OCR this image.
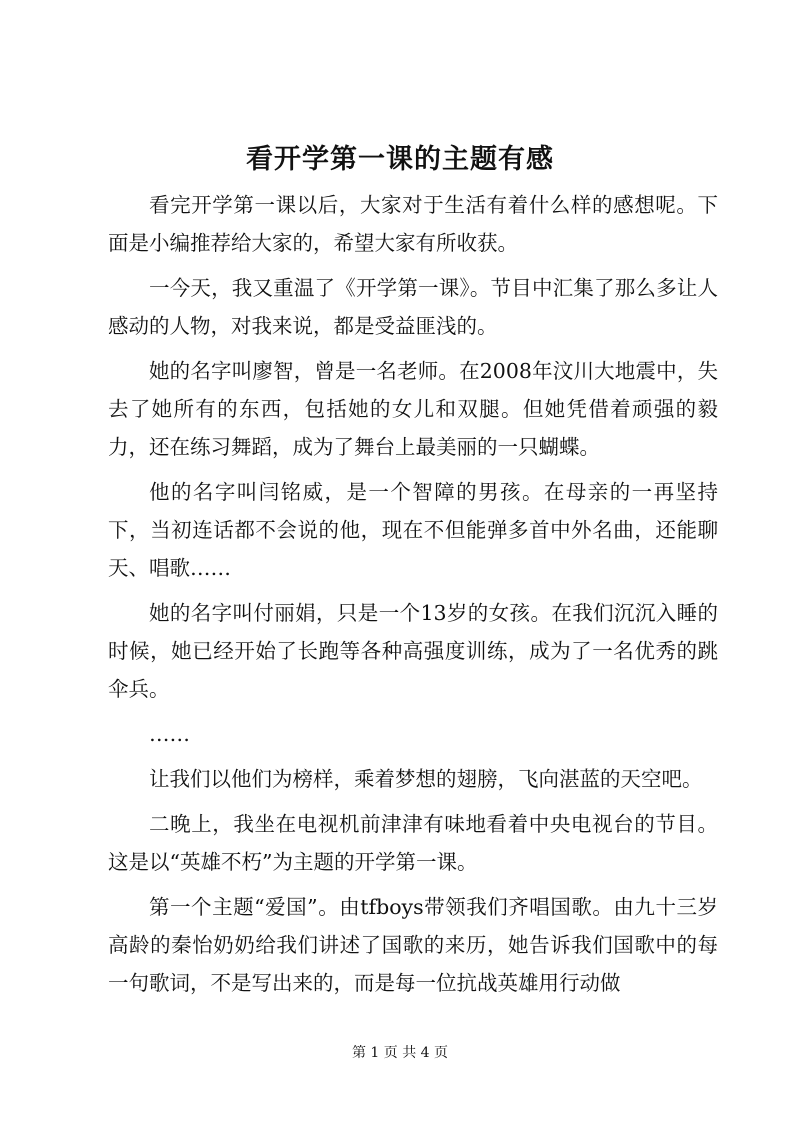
看开学第一课的主题有感

看完开学第一课以后，大家对于生活有着什么样的感想呢。下面是小编推荐给大家的，希望大家有所收获。

一今天，我又重温了《开学第一课》。节目中汇集了那么多让人感动的人物，对我来说，都是受益匪浅的。

她的名字叫廖智，曾是一名老师。在2008年汶川大地震中，失去了她所有的东西，包括她的女儿和双腿。但她凭借着顽强的毅力，还在练习舞蹈，成为了舞台上最美丽的一只蝴蝶。

他的名字叫闫铭威，是一个智障的男孩。在母亲的一再坚持下，当初连话都不会说的他，现在不但能弹多首中外名曲，还能聊天、唱歌……

她的名字叫付丽娟，只是一个13岁的女孩。在我们沉沉入睡的时候，她已经开始了长跑等各种高强度训练，成为了一名优秀的跳伞兵。

……

让我们以他们为榜样，乘着梦想的翅膀，飞向湛蓝的天空吧。

二晚上，我坐在电视机前津津有味地看着中央电视台的节目。这是以“英雄不朽”为主题的开学第一课。

第一个主题“爱国”。由tfboys带领我们齐唱国歌。由九十三岁高龄的秦怡奶奶给我们讲述了国歌的来历，她告诉我们国歌中的每一句歌词，不是写出来的，而是每一位抗战英雄用行动做

第 1 页 共 4 页
